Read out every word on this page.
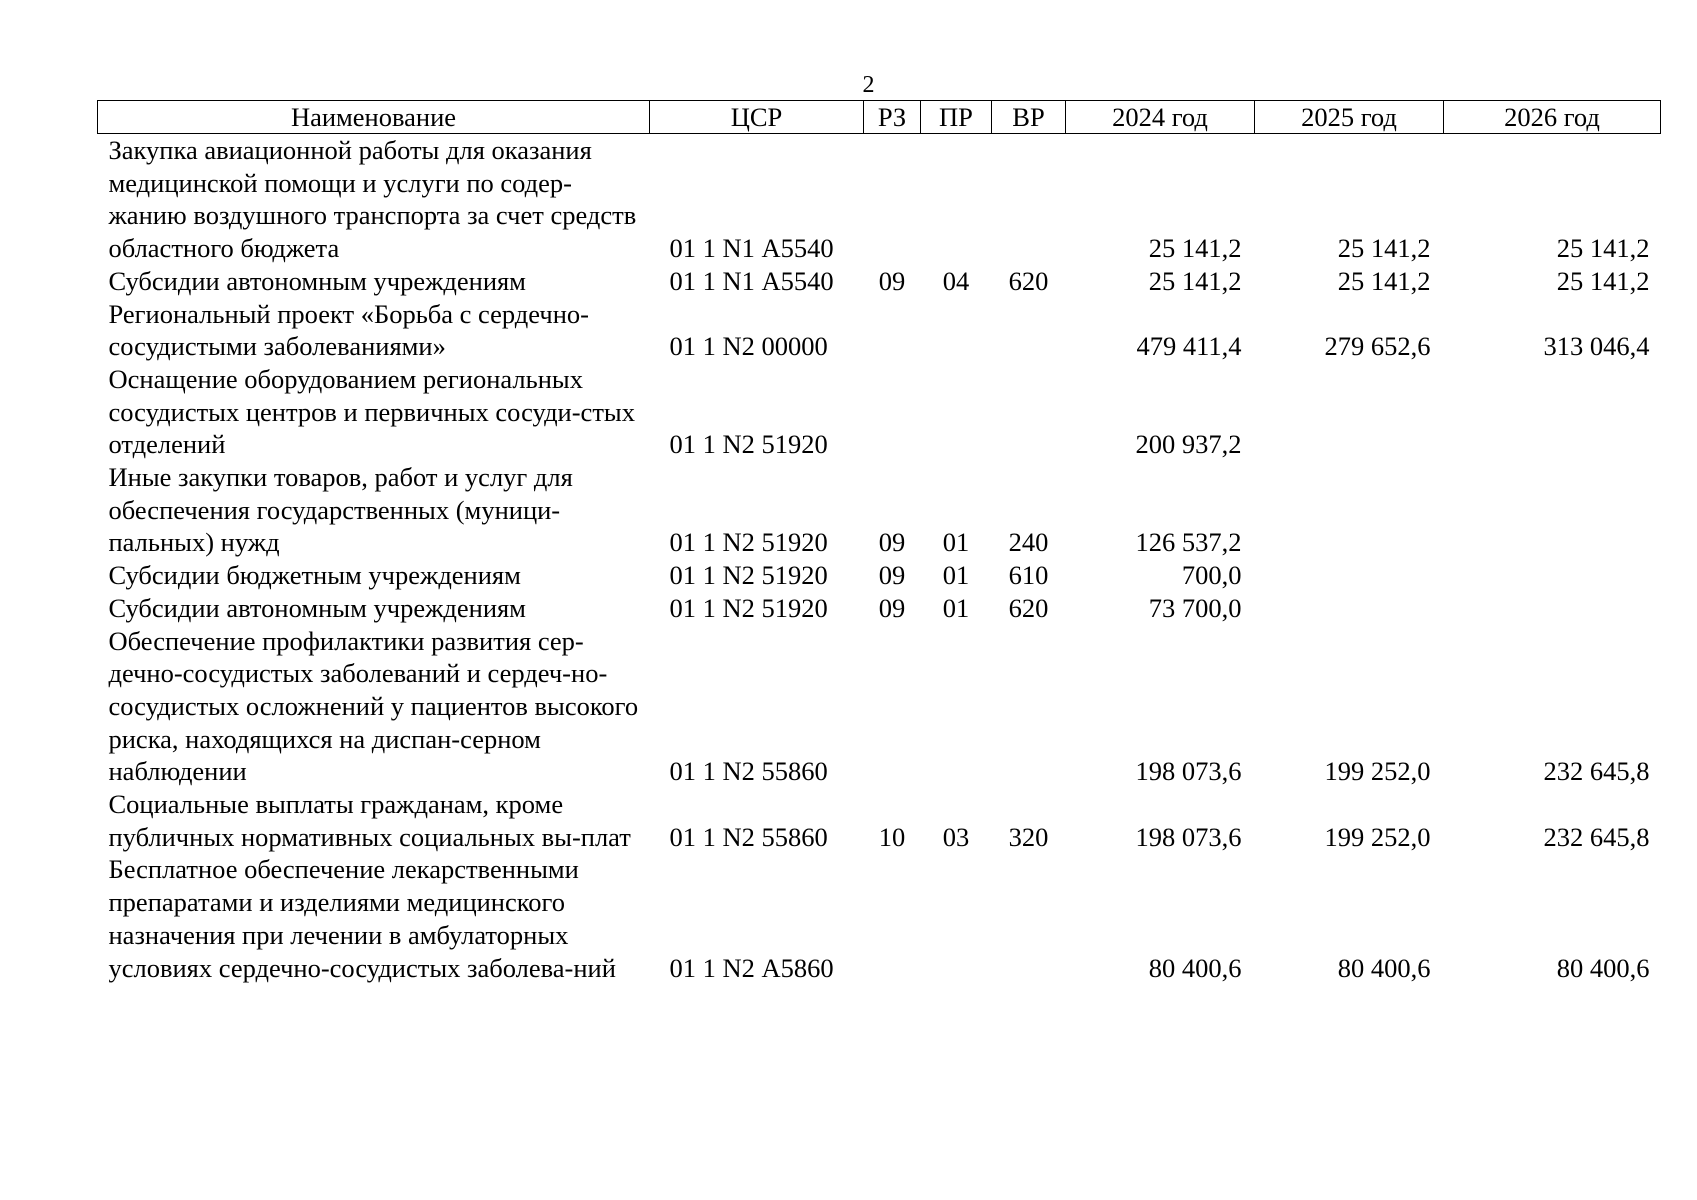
2
Наименование	ЦСР	РЗ	ПР	ВР	2024 год	2025 год	2026 год
Закупка авиационной работы для оказания медицинской помощи и услуги по содер-жанию воздушного транспорта за счет средств областного бюджета	01 1 N1 А5540				25 141,2	25 141,2	25 141,2
Субсидии автономным учреждениям	01 1 N1 А5540	09	04	620	25 141,2	25 141,2	25 141,2
Региональный проект «Борьба с сердечно-сосудистыми заболеваниями»	01 1 N2 00000				479 411,4	279 652,6	313 046,4
Оснащение оборудованием региональных сосудистых центров и первичных сосуди-стых отделений	01 1 N2 51920				200 937,2		
Иные закупки товаров, работ и услуг для обеспечения государственных (муници-пальных) нужд	01 1 N2 51920	09	01	240	126 537,2		
Субсидии бюджетным учреждениям	01 1 N2 51920	09	01	610	700,0		
Субсидии автономным учреждениям	01 1 N2 51920	09	01	620	73 700,0		
Обеспечение профилактики развития сер-дечно-сосудистых заболеваний и сердеч-но-сосудистых осложнений у пациентов высокого риска, находящихся на диспан-серном наблюдении	01 1 N2 55860				198 073,6	199 252,0	232 645,8
Социальные выплаты гражданам, кроме публичных нормативных социальных вы-плат	01 1 N2 55860	10	03	320	198 073,6	199 252,0	232 645,8
Бесплатное обеспечение лекарственными препаратами и изделиями медицинского назначения при лечении в амбулаторных условиях сердечно-сосудистых заболева-ний	01 1 N2 А5860				80 400,6	80 400,6	80 400,6
